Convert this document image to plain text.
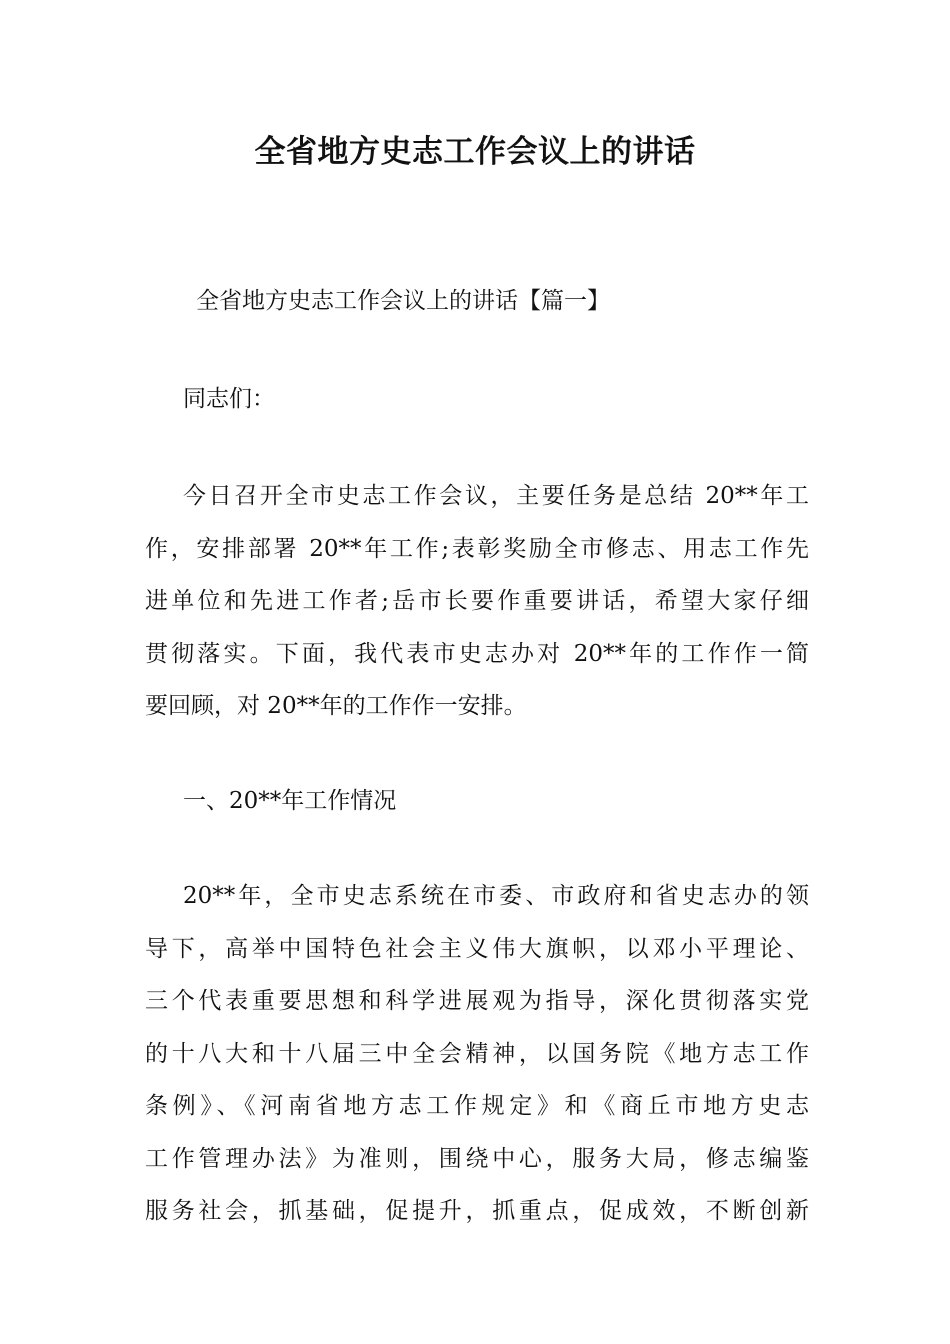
全省地方史志工作会议上的讲话

全省地方史志工作会议上的讲话【篇一】

同志们：

今日召开全市史志工作会议，主要任务是总结 20**年工
作，安排部署 20**年工作;表彰奖励全市修志、用志工作先
进单位和先进工作者;岳市长要作重要讲话，希望大家仔细
贯彻落实。下面，我代表市史志办对 20**年的工作作一简
要回顾，对 20**年的工作作一安排。

一、20**年工作情况

20**年，全市史志系统在市委、市政府和省史志办的领
导下，高举中国特色社会主义伟大旗帜，以邓小平理论、
三个代表重要思想和科学进展观为指导，深化贯彻落实党
的十八大和十八届三中全会精神，以国务院《地方志工作
条例》、《河南省地方志工作规定》和《商丘市地方史志
工作管理办法》为准则，围绕中心，服务大局，修志编鉴
服务社会，抓基础，促提升，抓重点，促成效，不断创新
